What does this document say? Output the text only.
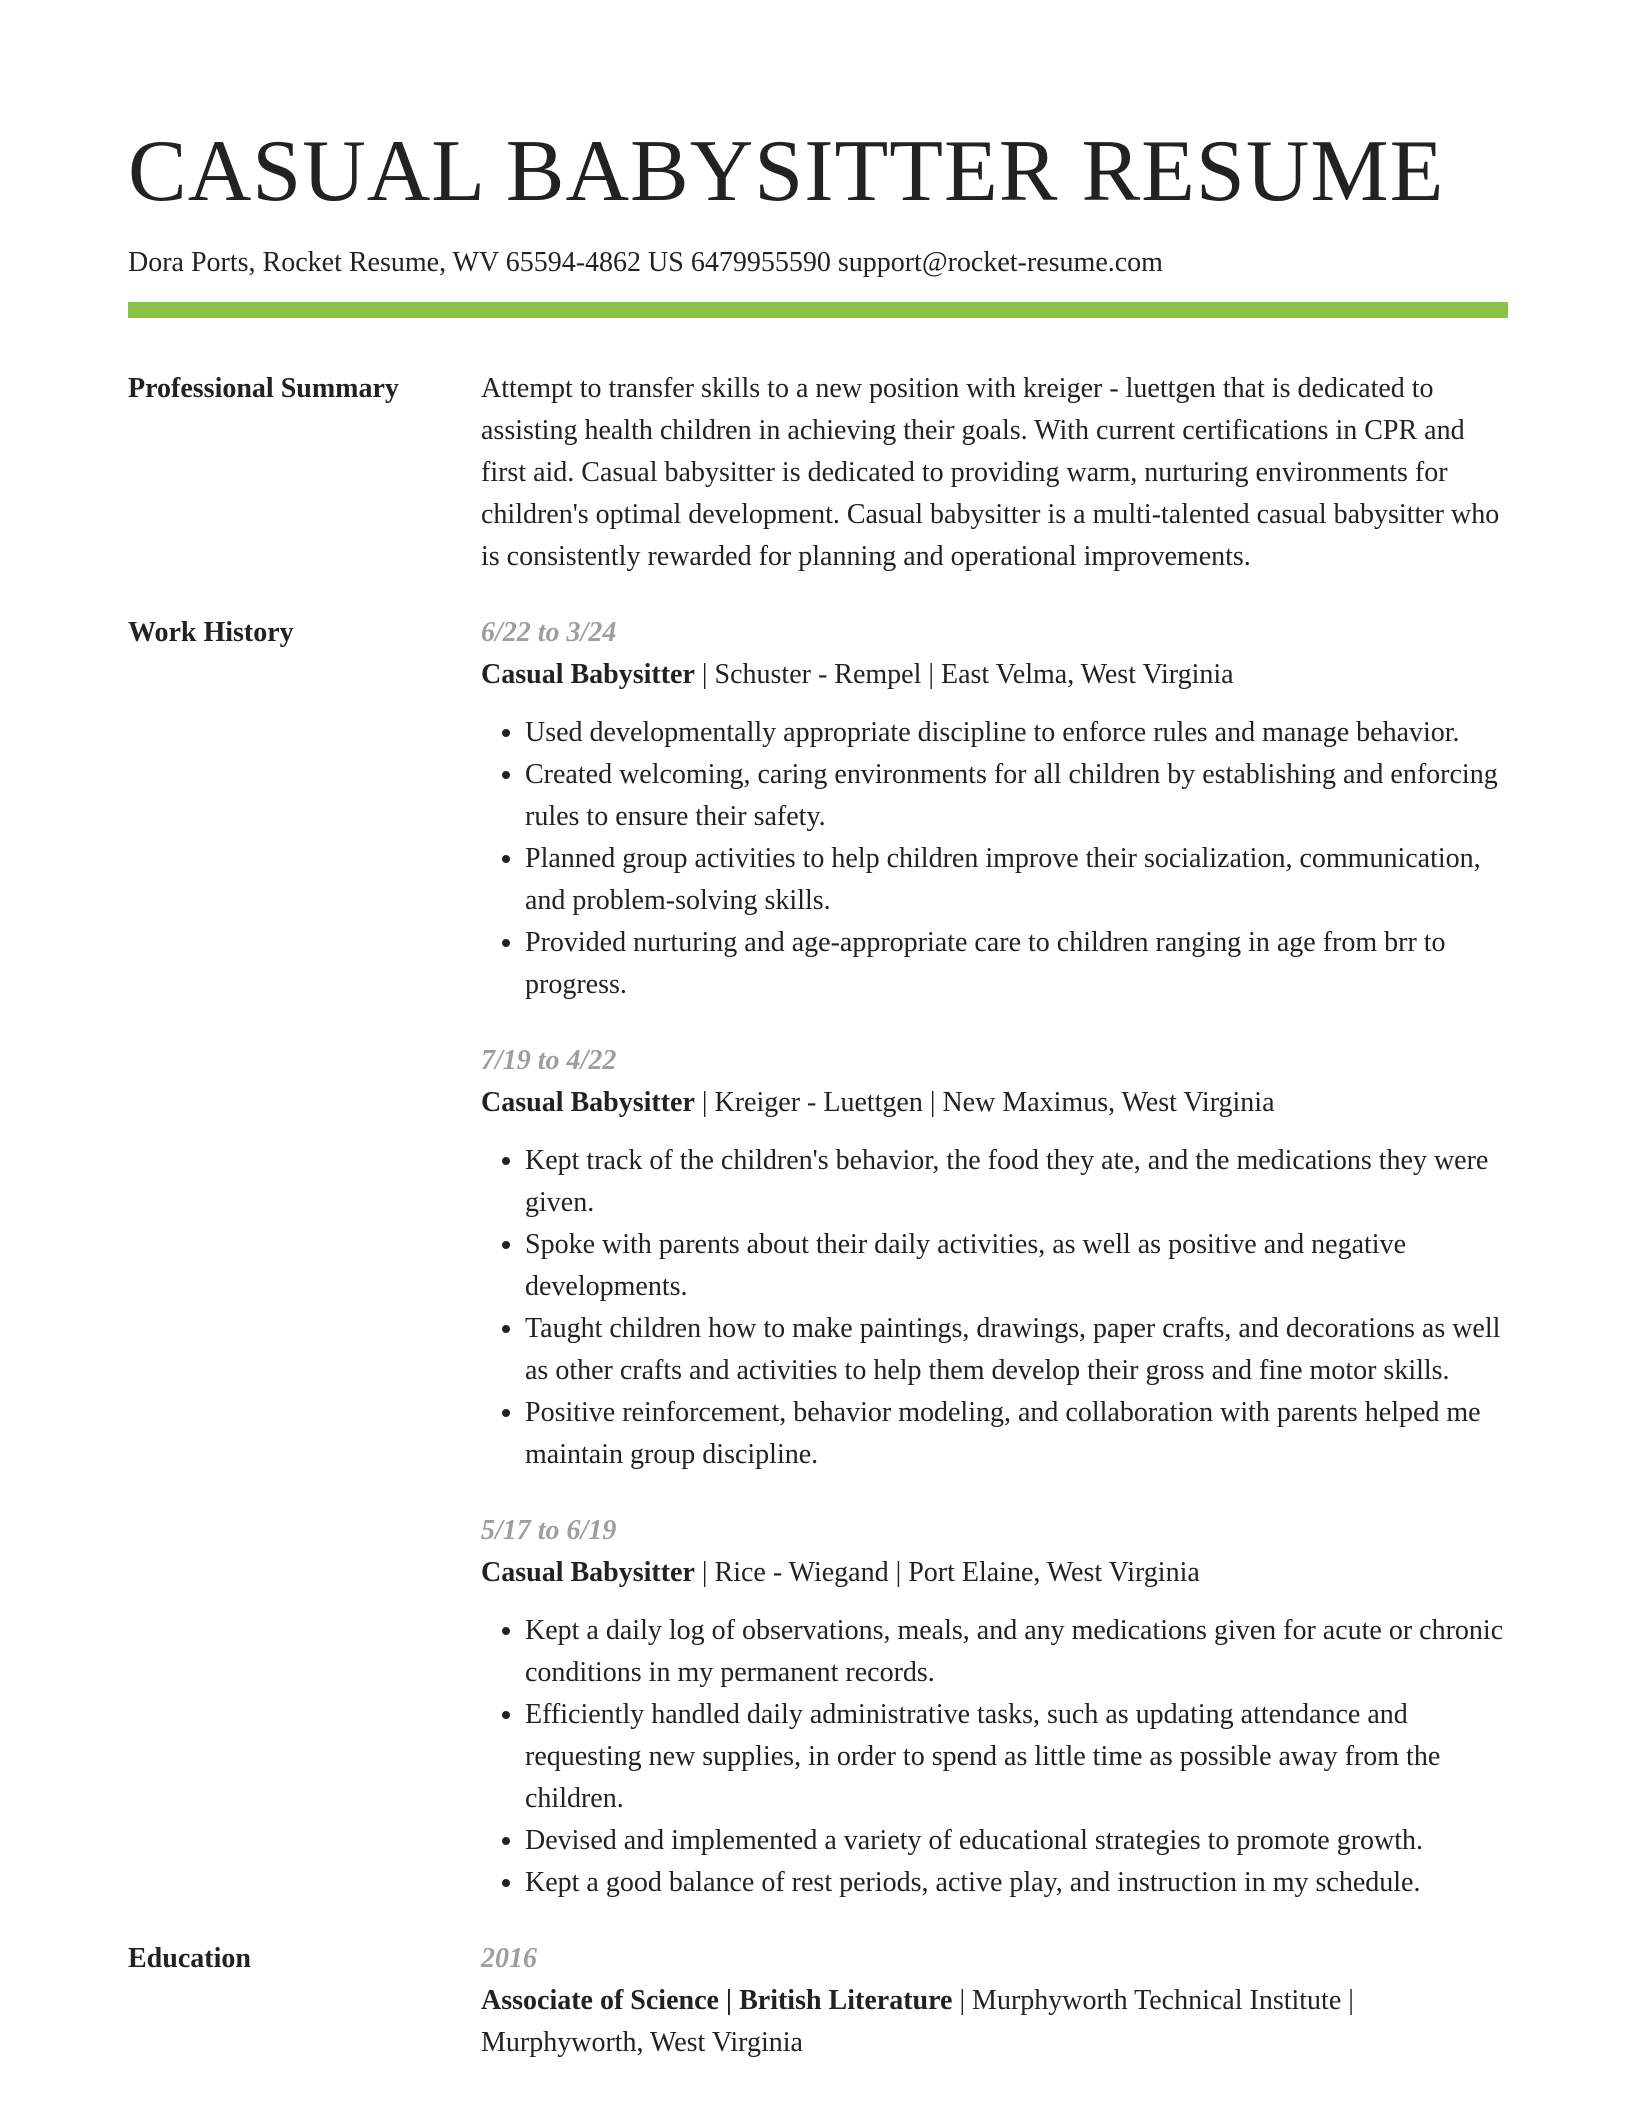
CASUAL BABYSITTER RESUME
Dora Ports, Rocket Resume, WV 65594-4862 US 6479955590 support@rocket-resume.com
Professional Summary	Attempt to transfer skills to a new position with kreiger - luettgen that is dedicated to assisting health children in achieving their goals. With current certifications in CPR and first aid. Casual babysitter is dedicated to providing warm, nurturing environments for children's optimal development. Casual babysitter is a multi-talented casual babysitter who is consistently rewarded for planning and operational improvements.

Work History	6/22 to 3/24
Casual Babysitter | Schuster - Rempel | East Velma, West Virginia
• Used developmentally appropriate discipline to enforce rules and manage behavior.
• Created welcoming, caring environments for all children by establishing and enforcing rules to ensure their safety.
• Planned group activities to help children improve their socialization, communication, and problem-solving skills.
• Provided nurturing and age-appropriate care to children ranging in age from brr to progress.
7/19 to 4/22
Casual Babysitter | Kreiger - Luettgen | New Maximus, West Virginia
• Kept track of the children's behavior, the food they ate, and the medications they were given.
• Spoke with parents about their daily activities, as well as positive and negative developments.
• Taught children how to make paintings, drawings, paper crafts, and decorations as well as other crafts and activities to help them develop their gross and fine motor skills.
• Positive reinforcement, behavior modeling, and collaboration with parents helped me maintain group discipline.
5/17 to 6/19
Casual Babysitter | Rice - Wiegand | Port Elaine, West Virginia
• Kept a daily log of observations, meals, and any medications given for acute or chronic conditions in my permanent records.
• Efficiently handled daily administrative tasks, such as updating attendance and requesting new supplies, in order to spend as little time as possible away from the children.
• Devised and implemented a variety of educational strategies to promote growth.
• Kept a good balance of rest periods, active play, and instruction in my schedule.
Education	2016
Associate of Science | British Literature | Murphyworth Technical Institute | Murphyworth, West Virginia
